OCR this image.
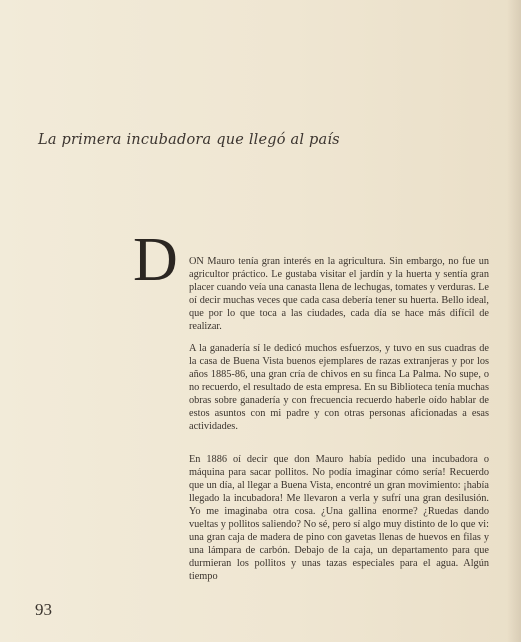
La primera incubadora que llegó al país
D	ON Mauro tenía gran interés en la agricultura. Sin embargo, no fue un agricultor práctico. Le gustaba visitar el jardín y la huerta y sentía gran placer cuando veía una canasta llena de lechugas, tomates y verduras. Le oí decir muchas veces que cada casa debería tener su huerta. Bello ideal, que por lo que toca a las ciudades, cada día se hace más difícil de realizar.

A la ganadería sí le dedicó muchos esfuerzos, y tuvo en sus cuadras de la casa de Buena Vista buenos ejemplares de razas extranjeras y por los años 1885-86, una gran cría de chivos en su finca La Palma. No supe, o no recuerdo, el resultado de esta empresa. En su Biblioteca tenía muchas obras sobre ganadería y con frecuencia recuerdo haberle oído hablar de estos asuntos con mi padre y con otras personas aficionadas a esas actividades.

En 1886 oí decir que don Mauro había pedido una incubadora o máquina para sacar pollitos. No podía imaginar cómo sería! Recuerdo que un día, al llegar a Buena Vista, encontré un gran movimiento: ¡había llegado la incubadora! Me llevaron a verla y sufrí una gran desilusión. Yo me imaginaba otra cosa. ¿Una gallina enorme? ¿Ruedas dando vueltas y pollitos saliendo? No sé, pero sí algo muy distinto de lo que vi: una gran caja de madera de pino con gavetas llenas de huevos en filas y una lámpara de carbón. Debajo de la caja, un departamento para que durmieran los pollitos y unas tazas especiales para el agua. Algún tiempo

93
